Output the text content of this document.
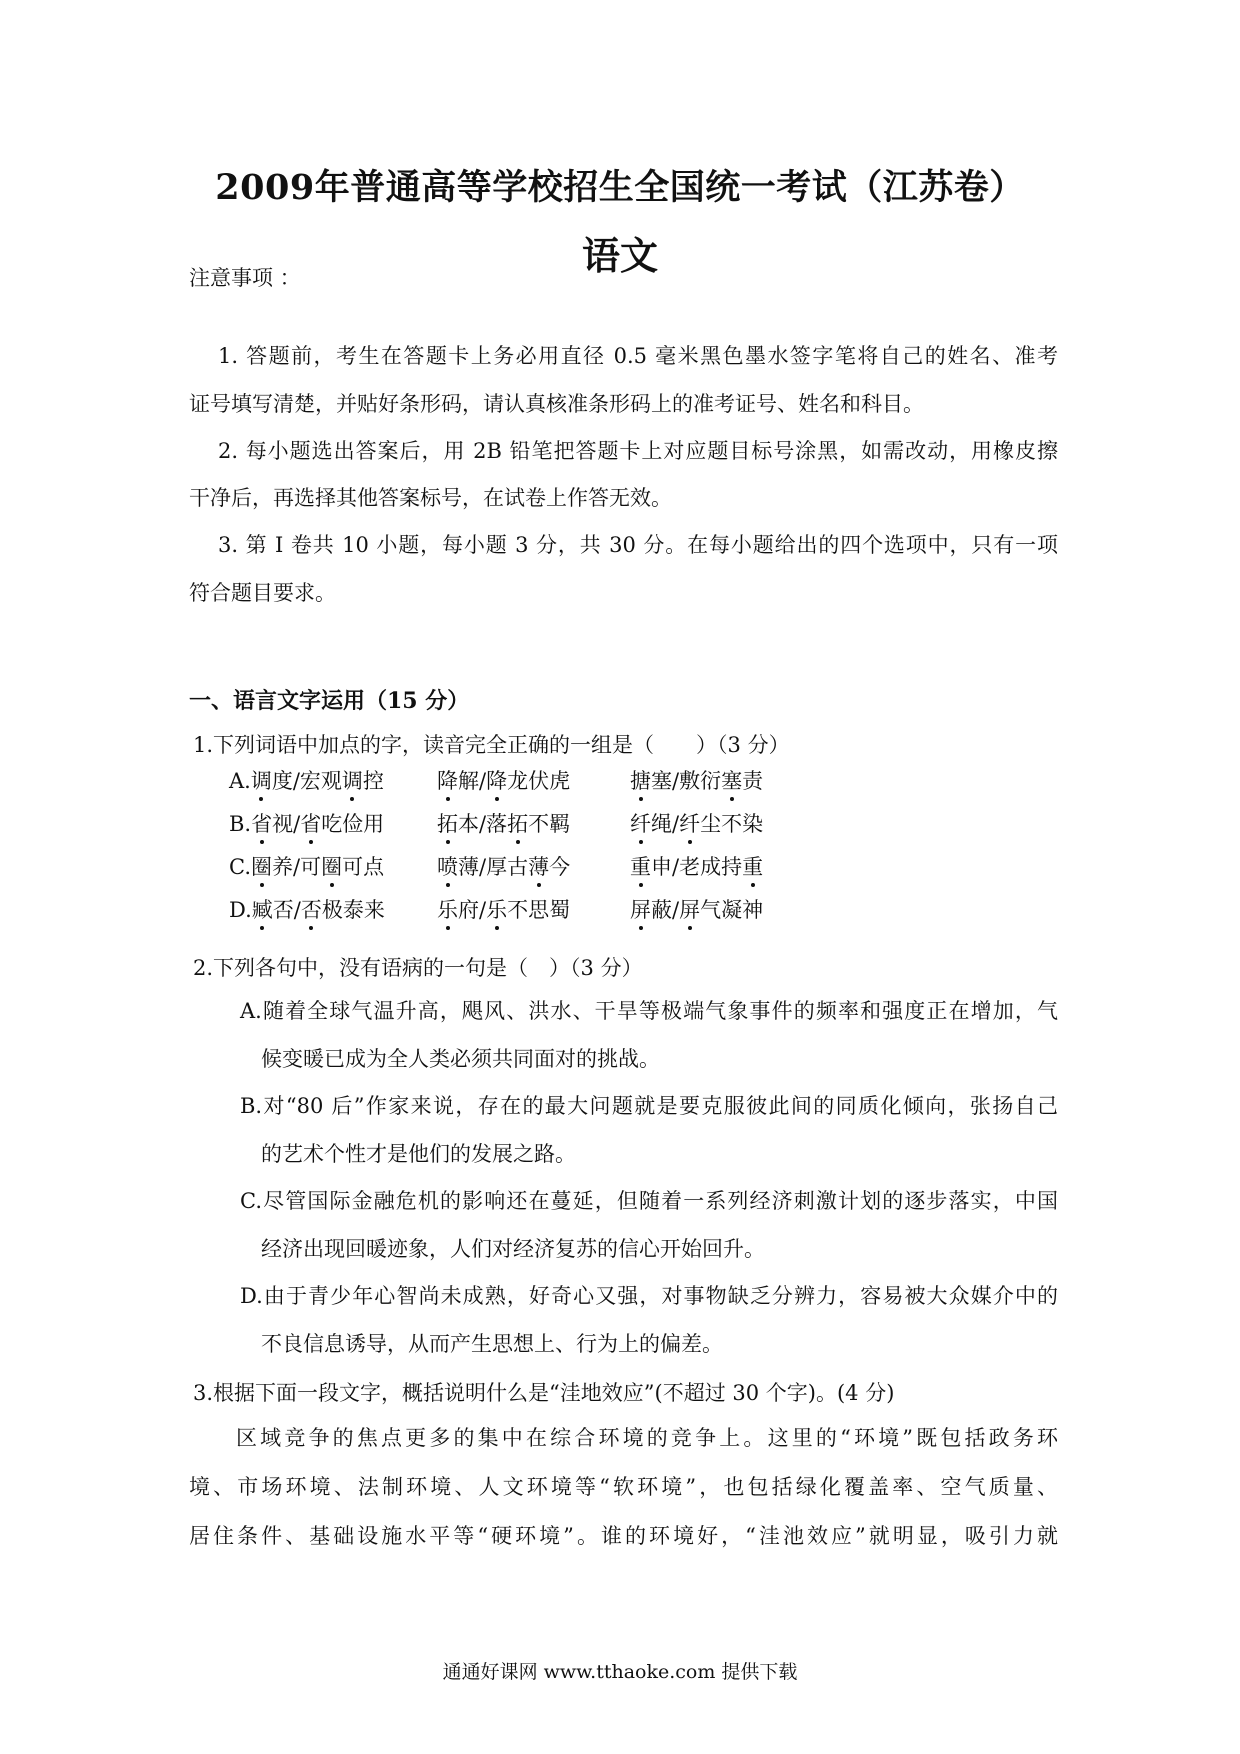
2009年普通高等学校招生全国统一考试（江苏卷）
语文
注意事项 ：
1. 答题前，考生在答题卡上务必用直径 0.5 毫米黑色墨水签字笔将自己的姓名、准考
证号填写清楚，并贴好条形码，请认真核准条形码上的准考证号、姓名和科目。
2. 每小题选出答案后，用 2B 铅笔把答题卡上对应题目标号涂黑，如需改动，用橡皮擦
干净后，再选择其他答案标号，在试卷上作答无效。
3. 第 I 卷共 10 小题，每小题 3 分，共 30 分。在每小题给出的四个选项中，只有一项
符合题目要求。
一、语言文字运用（15 分）
1.下列词语中加点的字，读音完全正确的一组是（　　）（3 分）
A.调度/宏观调控	降解/降龙伏虎	搪塞/敷衍塞责
B.省视/省吃俭用	拓本/落拓不羁	纤绳/纤尘不染
C.圈养/可圈可点	喷薄/厚古薄今	重申/老成持重
D.臧否/否极泰来 乐府/乐不思蜀	屏蔽/屏气凝神
2.下列各句中，没有语病的一句是（　）（3 分）
A.随着全球气温升高，飓风、洪水、干旱等极端气象事件的频率和强度正在增加，气
候变暖已成为全人类必须共同面对的挑战。
B.对“80 后”作家来说，存在的最大问题就是要克服彼此间的同质化倾向，张扬自己
的艺术个性才是他们的发展之路。
C.尽管国际金融危机的影响还在蔓延，但随着一系列经济刺激计划的逐步落实，中国
经济出现回暖迹象，人们对经济复苏的信心开始回升。
D.由于青少年心智尚未成熟，好奇心又强，对事物缺乏分辨力，容易被大众媒介中的
不良信息诱导，从而产生思想上、行为上的偏差。
3.根据下面一段文字，概括说明什么是“洼地效应”(不超过 30 个字)。(4 分)
区域竞争的焦点更多的集中在综合环境的竞争上。这里的“环境”既包括政务环
境、市场环境、法制环境、人文环境等“软环境”，也包括绿化覆盖率、空气质量、
居住条件、基础设施水平等“硬环境”。谁的环境好，“洼池效应”就明显，吸引力就
通通好课网 www.tthaoke.com 提供下载
